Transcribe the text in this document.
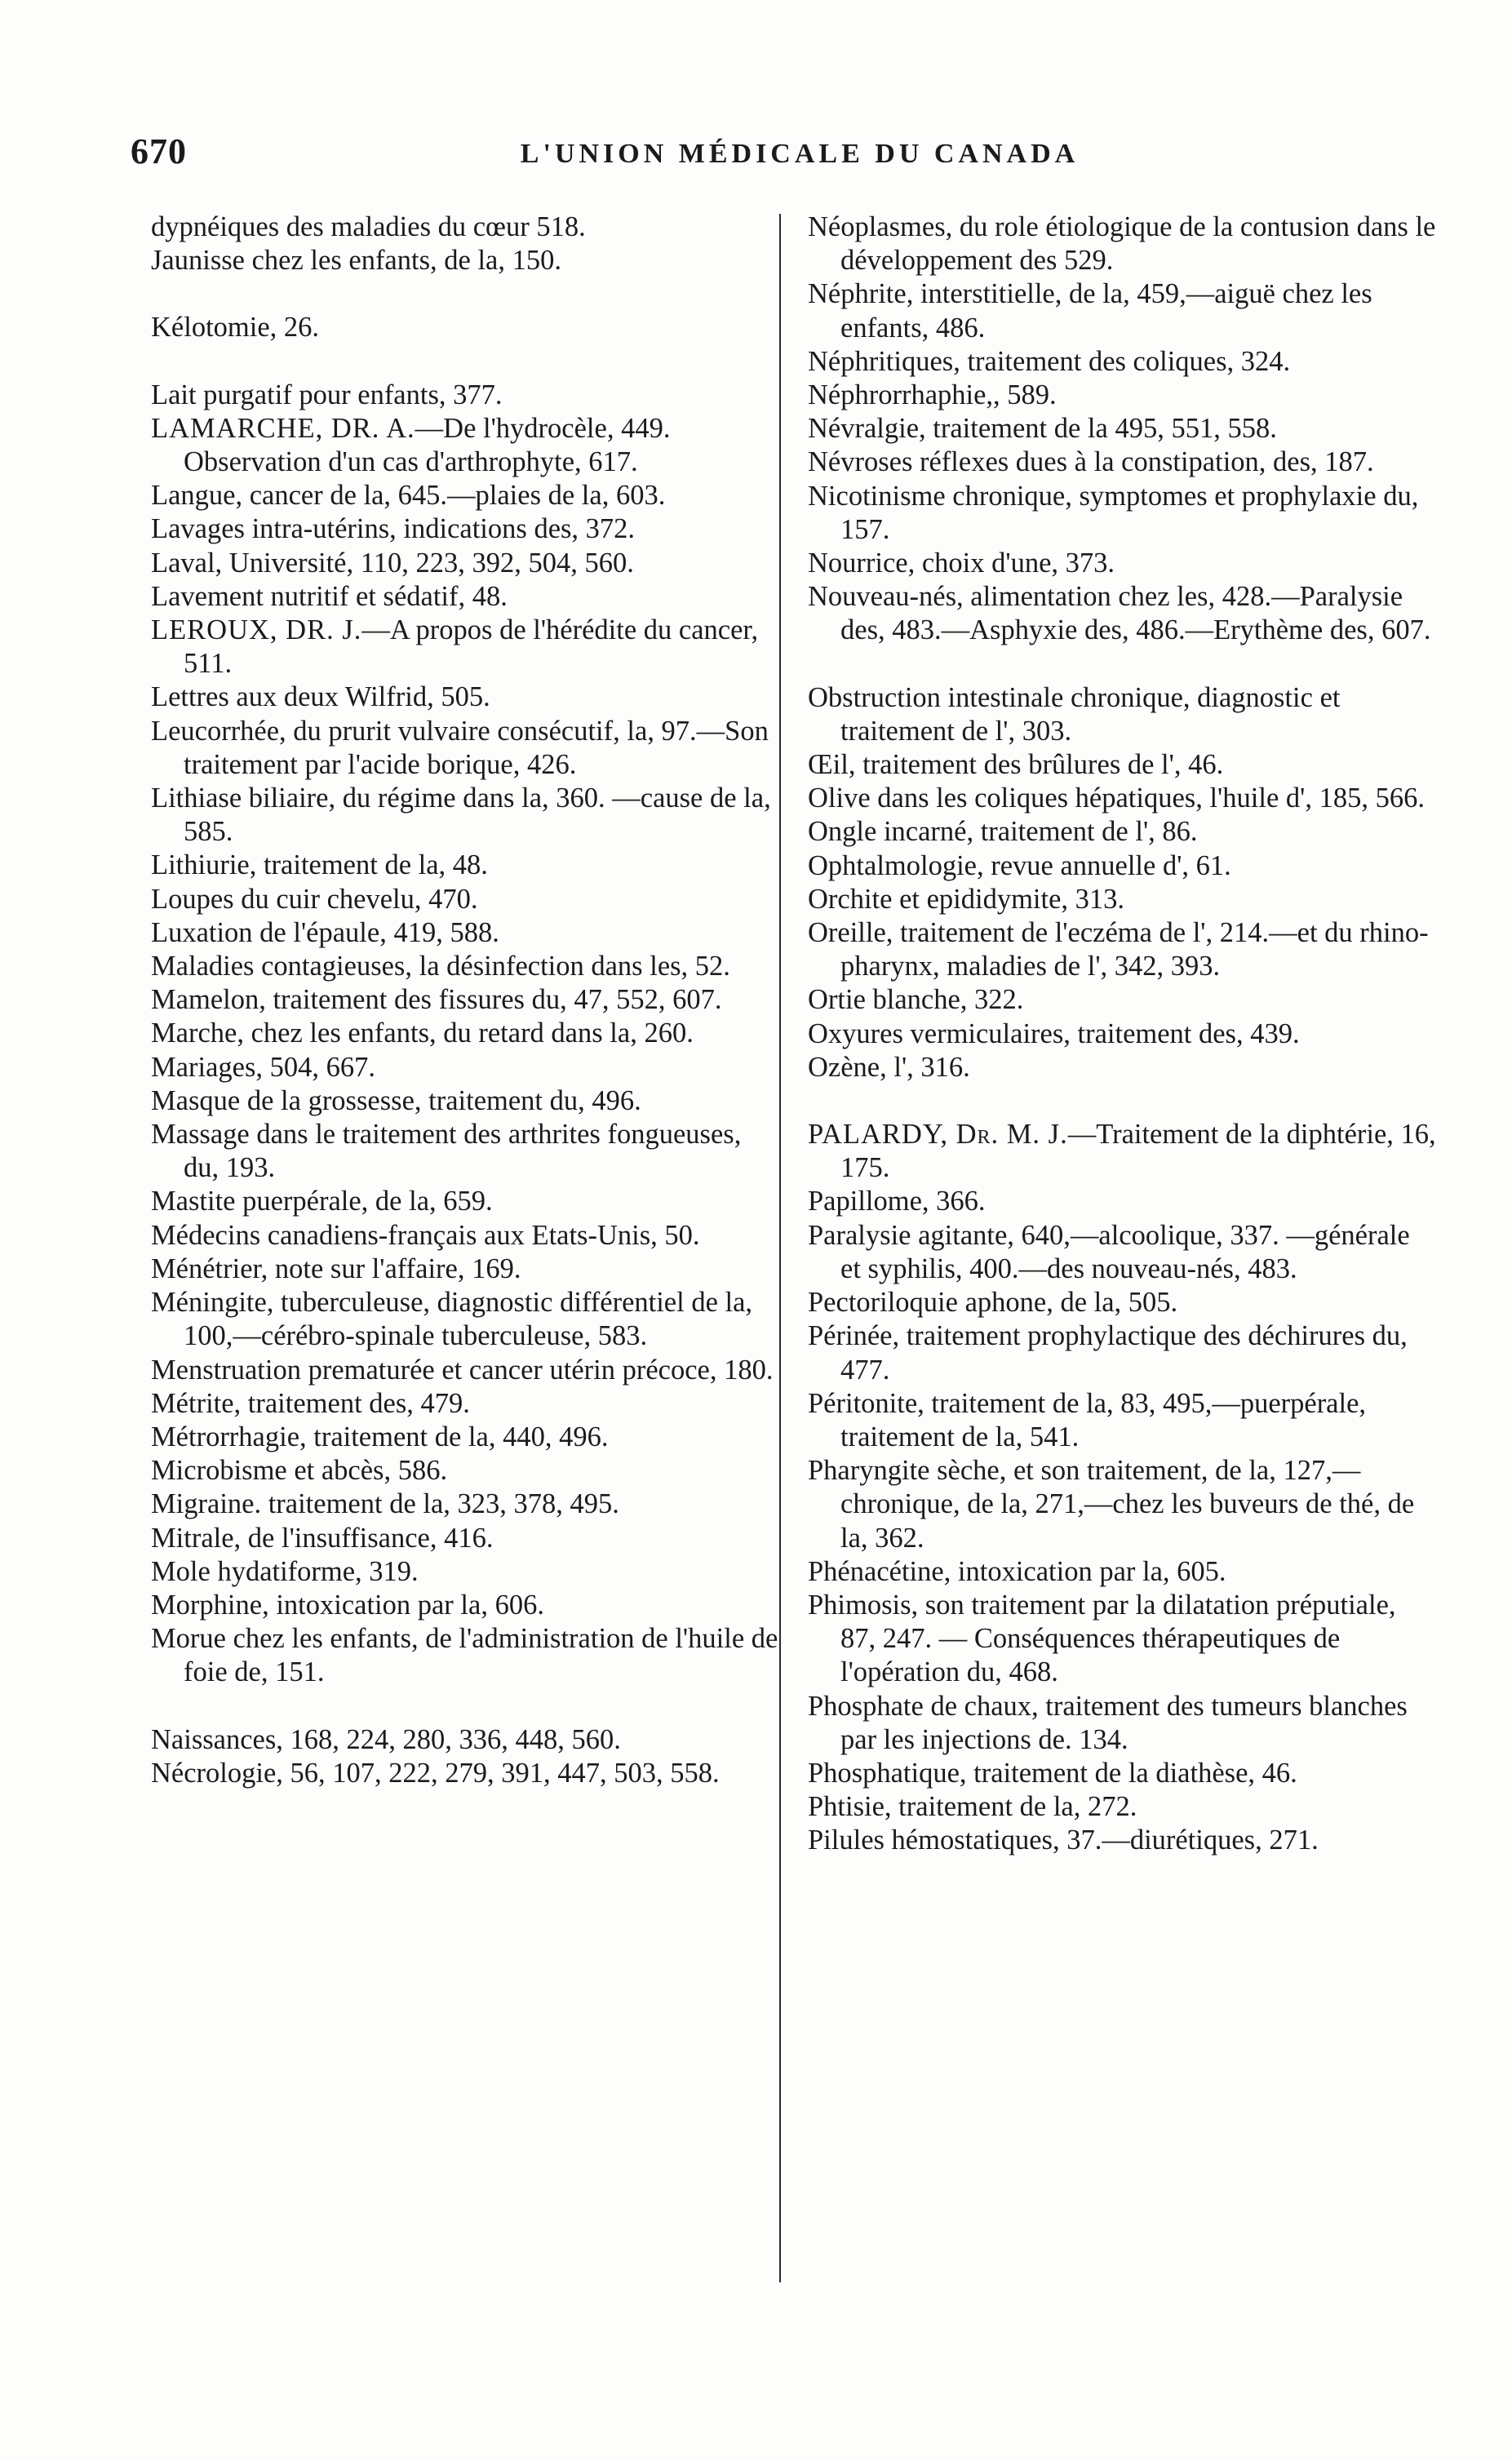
670	L'UNION MÉDICALE DU CANADA

dypnéiques des maladies du cœur 518.

Jaunisse chez les enfants, de la, 150.

Kélotomie, 26.

Lait purgatif pour enfants, 377.

LAMARCHE, DR. A.—De l'hydrocèle, 449. Observation d'un cas d'arthrophyte, 617.

Langue, cancer de la, 645.—plaies de la, 603.

Lavages intra-utérins, indications des, 372.

Laval, Université, 110, 223, 392, 504, 560.

Lavement nutritif et sédatif, 48.

LEROUX, DR. J.—A propos de l'hérédite du cancer, 511.

Lettres aux deux Wilfrid, 505.

Leucorrhée, du prurit vulvaire consécutif, la, 97.—Son traitement par l'acide borique, 426.

Lithiase biliaire, du régime dans la, 360. —cause de la, 585.

Lithiurie, traitement de la, 48.

Loupes du cuir chevelu, 470.

Luxation de l'épaule, 419, 588.

Maladies contagieuses, la désinfection dans les, 52.

Mamelon, traitement des fissures du, 47, 552, 607.

Marche, chez les enfants, du retard dans la, 260.

Mariages, 504, 667.

Masque de la grossesse, traitement du, 496.

Massage dans le traitement des arthrites fongueuses, du, 193.

Mastite puerpérale, de la, 659.

Médecins canadiens-français aux Etats-Unis, 50.

Ménétrier, note sur l'affaire, 169.

Méningite, tuberculeuse, diagnostic différentiel de la, 100,—cérébro-spinale tuberculeuse, 583.

Menstruation prematurée et cancer utérin précoce, 180.

Métrite, traitement des, 479.

Métrorrhagie, traitement de la, 440, 496.

Microbisme et abcès, 586.

Migraine. traitement de la, 323, 378, 495.

Mitrale, de l'insuffisance, 416.

Mole hydatiforme, 319.

Morphine, intoxication par la, 606.

Morue chez les enfants, de l'administration de l'huile de foie de, 151.

Naissances, 168, 224, 280, 336, 448, 560.

Nécrologie, 56, 107, 222, 279, 391, 447, 503, 558.

Néoplasmes, du role étiologique de la contusion dans le développement des 529.

Néphrite, interstitielle, de la, 459,—aiguë chez les enfants, 486.

Néphritiques, traitement des coliques, 324.

Néphrorrhaphie,, 589.

Névralgie, traitement de la 495, 551, 558.

Névroses réflexes dues à la constipation, des, 187.

Nicotinisme chronique, symptomes et prophylaxie du, 157.

Nourrice, choix d'une, 373.

Nouveau-nés, alimentation chez les, 428.—Paralysie des, 483.—Asphyxie des, 486.—Erythème des, 607.

Obstruction intestinale chronique, diagnostic et traitement de l', 303.

Œil, traitement des brûlures de l', 46.

Olive dans les coliques hépatiques, l'huile d', 185, 566.

Ongle incarné, traitement de l', 86.

Ophtalmologie, revue annuelle d', 61.

Orchite et epididymite, 313.

Oreille, traitement de l'eczéma de l', 214.—et du rhino-pharynx, maladies de l', 342, 393.

Ortie blanche, 322.

Oxyures vermiculaires, traitement des, 439.

Ozène, l', 316.

PALARDY, Dr. M. J.—Traitement de la diphtérie, 16, 175.

Papillome, 366.

Paralysie agitante, 640,—alcoolique, 337. —générale et syphilis, 400.—des nouveau-nés, 483.

Pectoriloquie aphone, de la, 505.

Périnée, traitement prophylactique des déchirures du, 477.

Péritonite, traitement de la, 83, 495,—puerpérale, traitement de la, 541.

Pharyngite sèche, et son traitement, de la, 127,—chronique, de la, 271,—chez les buveurs de thé, de la, 362.

Phénacétine, intoxication par la, 605.

Phimosis, son traitement par la dilatation préputiale, 87, 247. — Conséquences thérapeutiques de l'opération du, 468.

Phosphate de chaux, traitement des tumeurs blanches par les injections de. 134.

Phosphatique, traitement de la diathèse, 46.

Phtisie, traitement de la, 272.

Pilules hémostatiques, 37.—diurétiques, 271.
